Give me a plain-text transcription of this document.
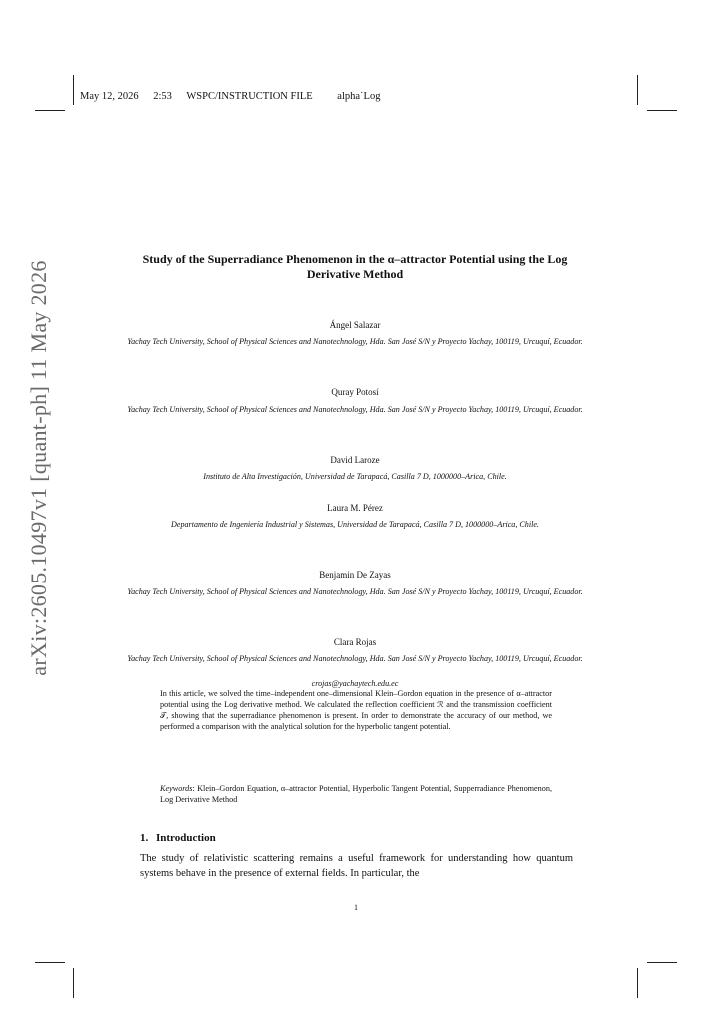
May 12, 2026 2:53 WSPC/INSTRUCTION FILE alpha˙Log
arXiv:2605.10497v1 [quant-ph] 11 May 2026
Study of the Superradiance Phenomenon in the α–attractor Potential using the Log Derivative Method
Ángel Salazar
Yachay Tech University, School of Physical Sciences and Nanotechnology, Hda. San José S/N y Proyecto Yachay, 100119, Urcuquí, Ecuador.
Quray Potosí
Yachay Tech University, School of Physical Sciences and Nanotechnology, Hda. San José S/N y Proyecto Yachay, 100119, Urcuquí, Ecuador.
David Laroze
Instituto de Alta Investigación, Universidad de Tarapacá, Casilla 7 D, 1000000–Arica, Chile.
Laura M. Pérez
Departamento de Ingeniería Industrial y Sistemas, Universidad de Tarapacá, Casilla 7 D, 1000000–Arica, Chile.
Benjamin De Zayas
Yachay Tech University, School of Physical Sciences and Nanotechnology, Hda. San José S/N y Proyecto Yachay, 100119, Urcuquí, Ecuador.
Clara Rojas
Yachay Tech University, School of Physical Sciences and Nanotechnology, Hda. San José S/N y Proyecto Yachay, 100119, Urcuquí, Ecuador.
crojas@yachaytech.edu.ec
In this article, we solved the time–independent one–dimensional Klein–Gordon equation in the presence of α–attractor potential using the Log derivative method. We calculated the reflection coefficient ℛ and the transmission coefficient 𝒯, showing that the superradiance phenomenon is present. In order to demonstrate the accuracy of our method, we performed a comparison with the analytical solution for the hyperbolic tangent potential.
Keywords: Klein–Gordon Equation, α–attractor Potential, Hyperbolic Tangent Potential, Supperradiance Phenomenon, Log Derivative Method
1. Introduction
The study of relativistic scattering remains a useful framework for understanding how quantum systems behave in the presence of external fields. In particular, the
1
